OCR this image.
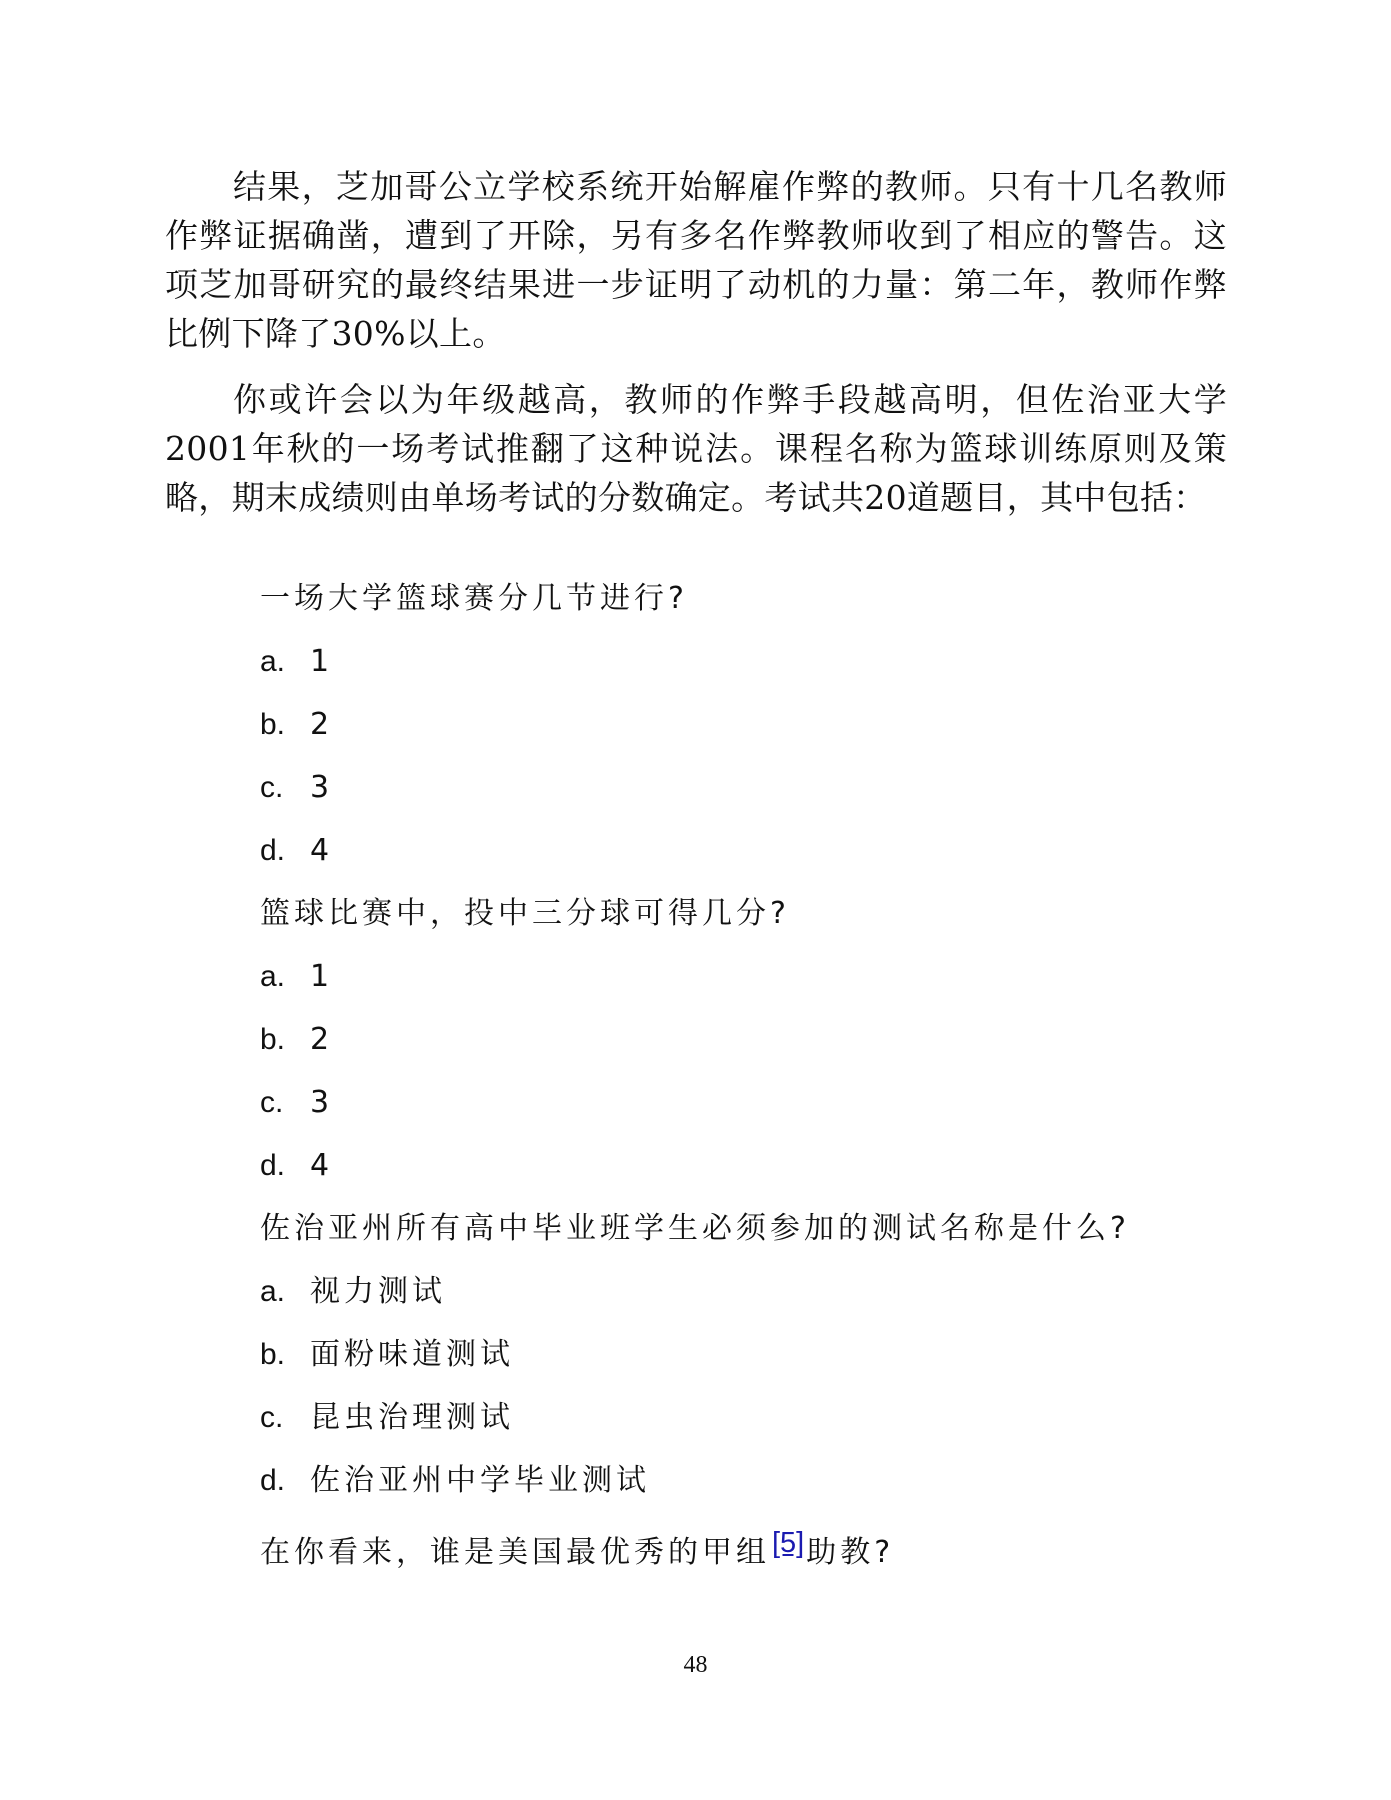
结果，芝加哥公立学校系统开始解雇作弊的教师。只有十几名教师作弊证据确凿，遭到了开除，另有多名作弊教师收到了相应的警告。这项芝加哥研究的最终结果进一步证明了动机的力量：第二年，教师作弊比例下降了30%以上。

你或许会以为年级越高，教师的作弊手段越高明，但佐治亚大学2001年秋的一场考试推翻了这种说法。课程名称为篮球训练原则及策略，期末成绩则由单场考试的分数确定。考试共20道题目，其中包括：

一场大学篮球赛分几节进行?
a. 1
b. 2
c. 3
d. 4
篮球比赛中，投中三分球可得几分?
a. 1
b. 2
c. 3
d. 4
佐治亚州所有高中毕业班学生必须参加的测试名称是什么?
a. 视力测试
b. 面粉味道测试
c. 昆虫治理测试
d. 佐治亚州中学毕业测试
在你看来，谁是美国最优秀的甲组[5]助教?
48
